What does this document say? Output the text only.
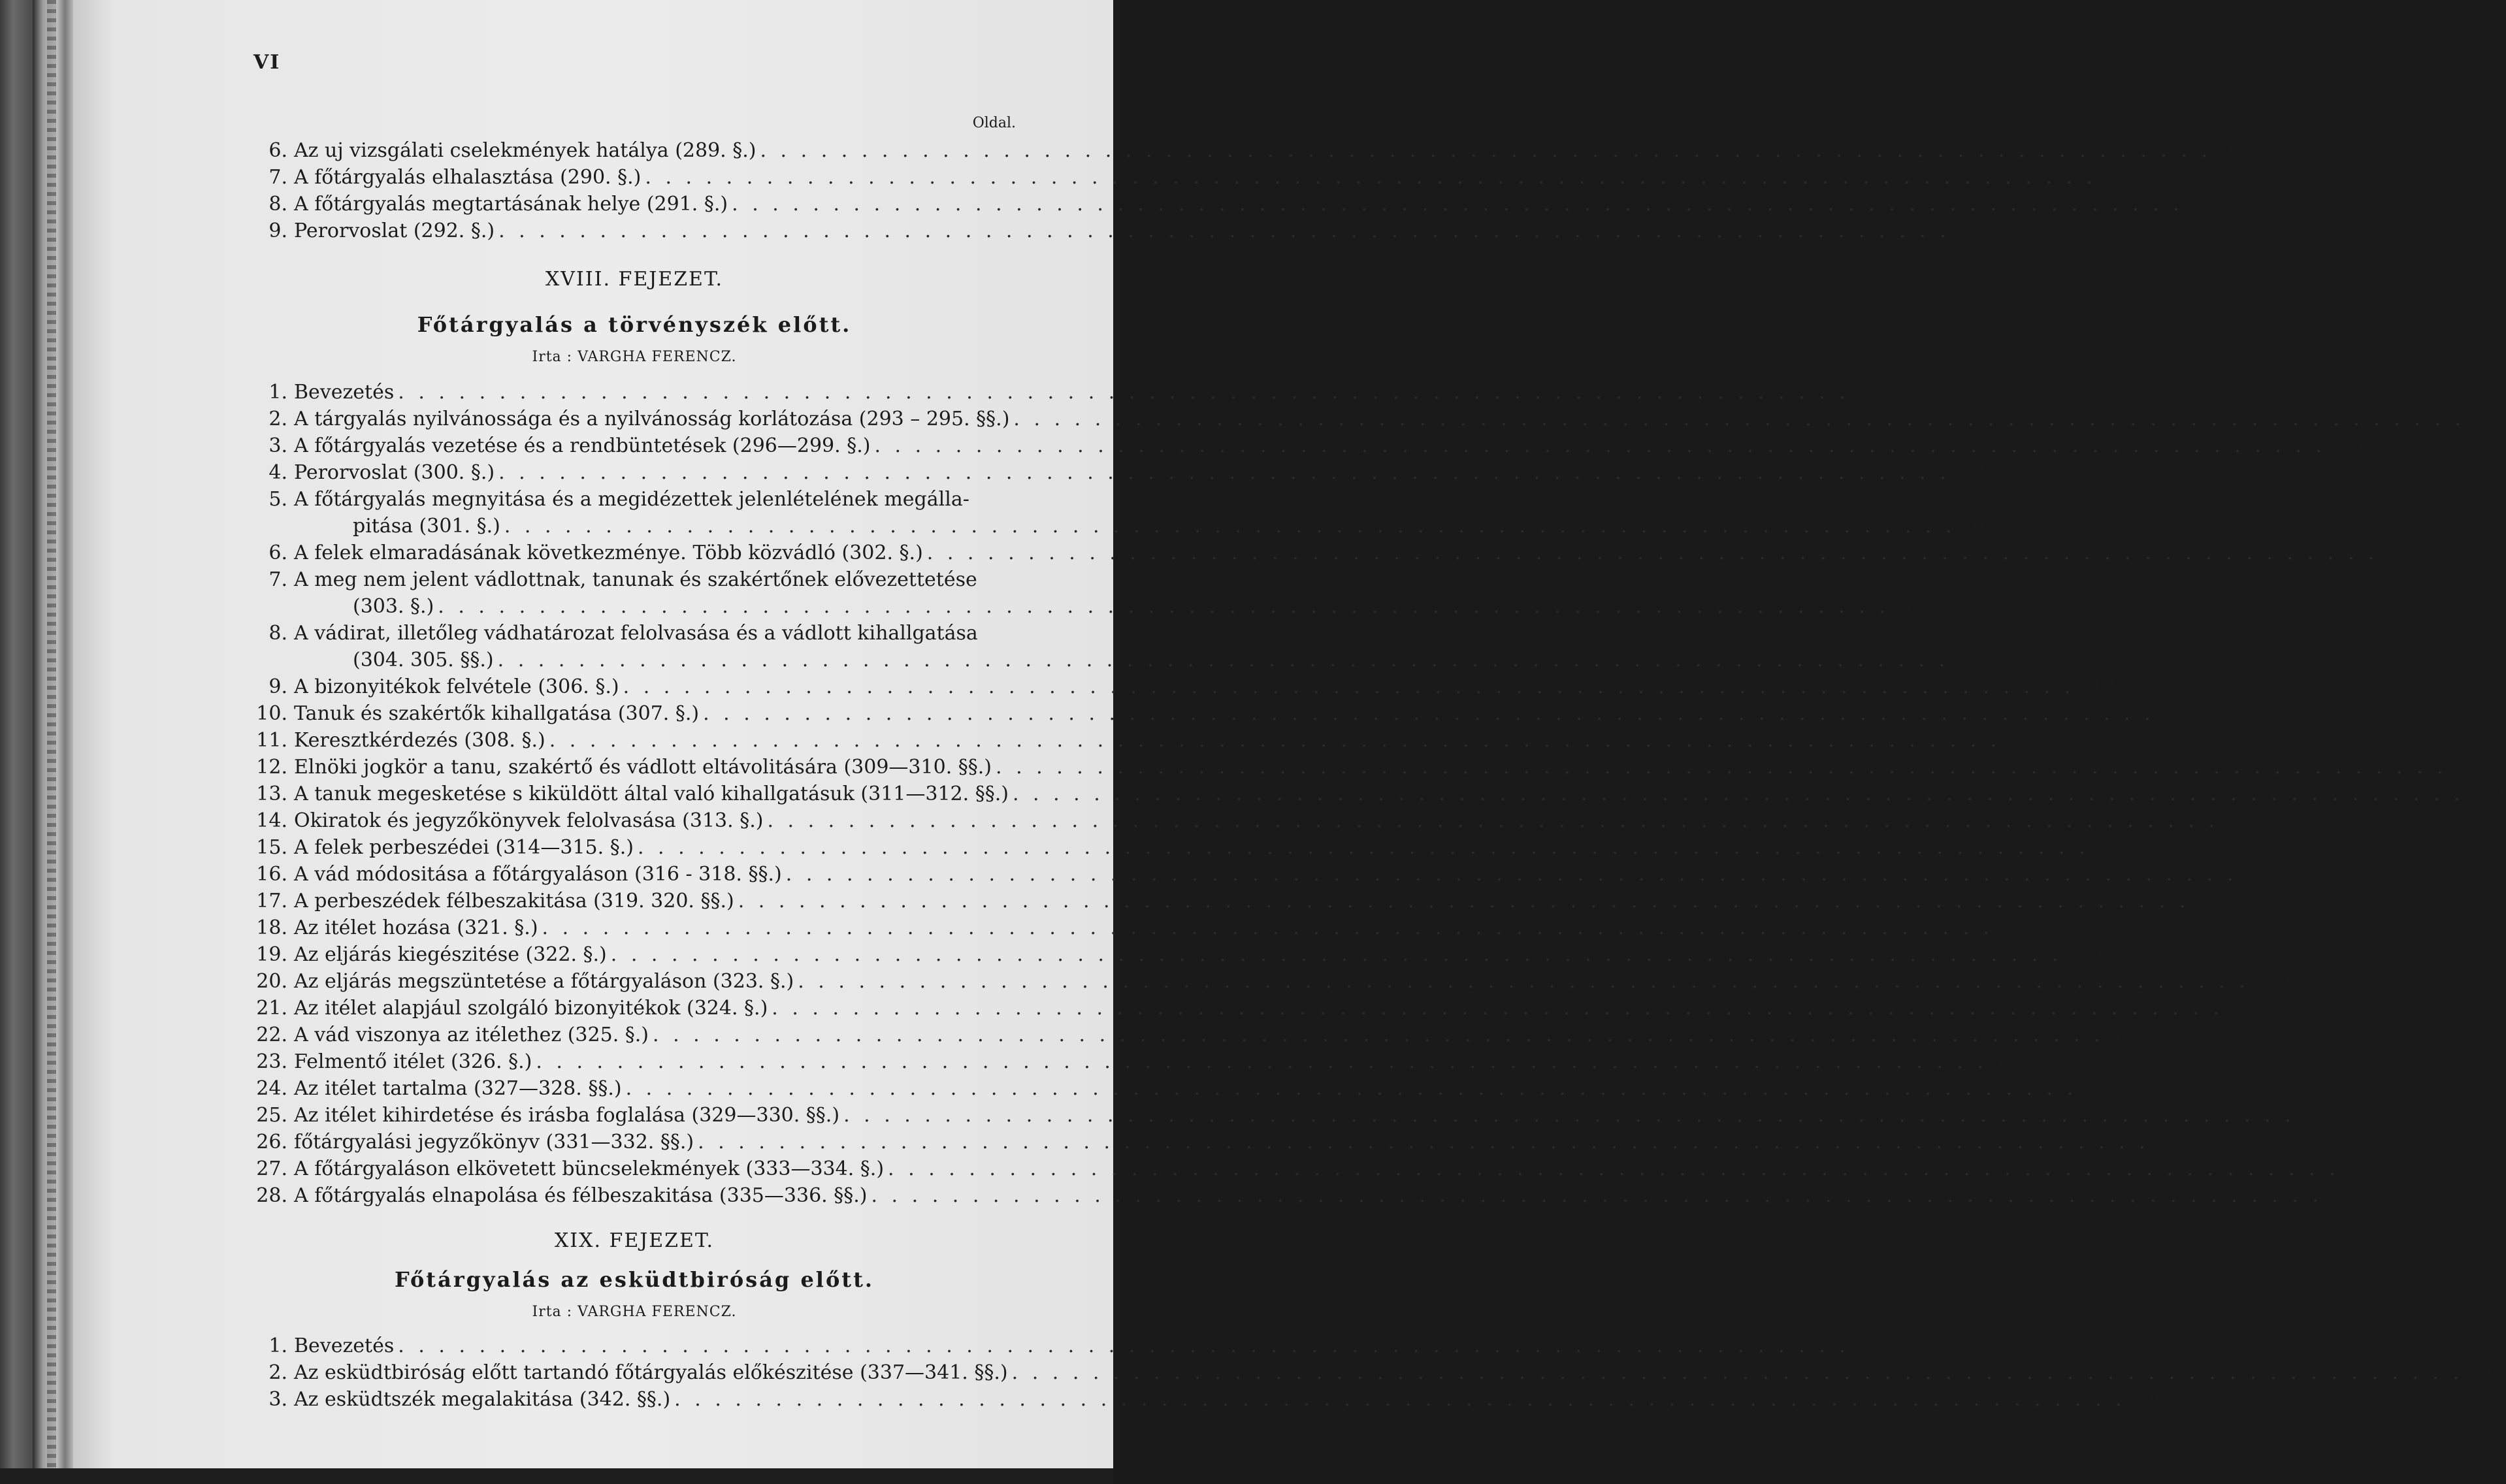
VI
Oldal.
6. Az uj vizsgálati cselekmények hatálya (289. §.) . . .	267
7. A főtárgyalás elhalasztása (290. §.) . . .	270
8. A főtárgyalás megtartásának helye (291. §.) . . .	272
9. Perorvoslat (292. §.) . . .	272
XVIII. FEJEZET.
Főtárgyalás a törvényszék előtt.
Irta : VARGHA FERENCZ.
1. Bevezetés . . .	274
2. A tárgyalás nyilvánossága és a nyilvánosság korlátozása (293 – 295. §§.) . . .	287
3. A főtárgyalás vezetése és a rendbüntetések (296—299. §.) . . .	291
4. Perorvoslat (300. §.) . . .	299
5. A főtárgyalás megnyitása és a megidézettek jelenlételének megálla-
pitása (301. §.) . . .	300
6. A felek elmaradásának következménye. Több közvádló (302. §.) . . .	302
7. A meg nem jelent vádlottnak, tanunak és szakértőnek elővezettetése
(303. §.) . . .	305
8. A vádirat, illetőleg vádhatározat felolvasása és a vádlott kihallgatása
(304. 305. §§.) . . .	305
9. A bizonyitékok felvétele (306. §.) . . .	313
10. Tanuk és szakértők kihallgatása (307. §.) . . .	317
11. Keresztkérdezés (308. §.) . . .	321
12. Elnöki jogkör a tanu, szakértő és vádlott eltávolitására (309—310. §§.) . . .	328
13. A tanuk megesketése s kiküldött által való kihallgatásuk (311—312. §§.) . . .	329
14. Okiratok és jegyzőkönyvek felolvasása (313. §.) . . .	330
15. A felek perbeszédei (314—315. §.) . . .	335
16. A vád módositása a főtárgyaláson (316 - 318. §§.) . . .	339
17. A perbeszédek félbeszakitása (319. 320. §§.) . . .	346
18. Az itélet hozása (321. §.) . . .	348
19. Az eljárás kiegészitése (322. §.) . . .	349
20. Az eljárás megszüntetése a főtárgyaláson (323. §.) . . .	349
21. Az itélet alapjául szolgáló bizonyitékok (324. §.) . . .	353
22. A vád viszonya az itélethez (325. §.) . . .	355
23. Felmentő itélet (326. §.) . . .	366
24. Az itélet tartalma (327—328. §§.) . . .	371
25. Az itélet kihirdetése és irásba foglalása (329—330. §§.) . . .	375
26. főtárgyalási jegyzőkönyv (331—332. §§.) . . .	379
27. A főtárgyaláson elkövetett büncselekmények (333—334. §.) . . .	383
28. A főtárgyalás elnapolása és félbeszakitása (335—336. §§.) . . .	387
XIX. FEJEZET.
Főtárgyalás az esküdtbiróság előtt.
Irta : VARGHA FERENCZ.
1. Bevezetés . . .	391
2. Az esküdtbiróság előtt tartandó főtárgyalás előkészitése (337—341. §§.) . . .	395
3. Az esküdtszék megalakitása (342. §§.) . . .	400
